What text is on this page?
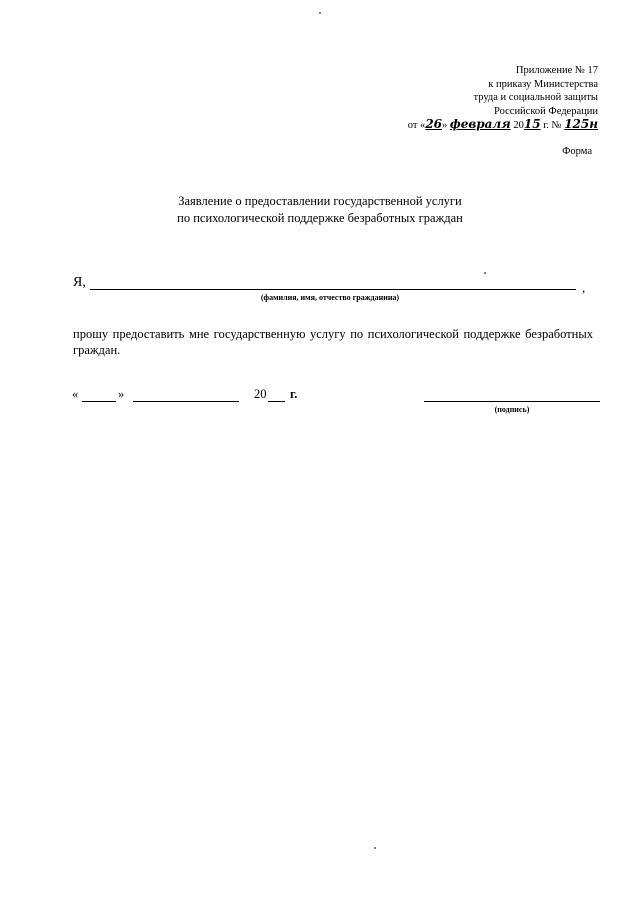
Приложение № 17
к приказу Министерства
труда и социальной защиты
Российской Федерации
от «26» февраля 2015 г. № 125н
Форма
Заявление о предоставлении государственной услуги
по психологической поддержке безработных граждан
Я,	,
(фамилия, имя, отчество гражданина)
прошу предоставить мне государственную услугу по психологической поддержке безработных граждан.
«	»	20 г.
(подпись)
